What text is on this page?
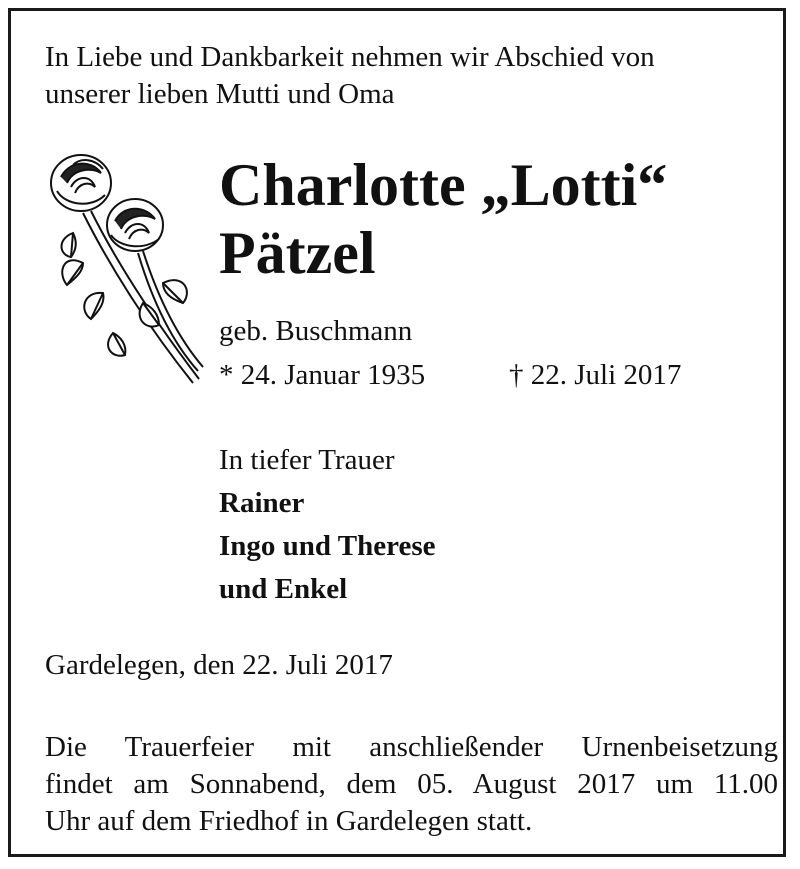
In Liebe und Dankbarkeit nehmen wir Abschied von
unserer lieben Mutti und Oma
Charlotte „Lotti“
Pätzel
geb. Buschmann
* 24. Januar 1935	† 22. Juli 2017
In tiefer Trauer
Rainer
Ingo und Therese
und Enkel
Gardelegen, den 22. Juli 2017
Die Trauerfeier mit anschließender Urnenbeisetzung
findet am Sonnabend, dem 05. August 2017 um 11.00
Uhr auf dem Friedhof in Gardelegen statt.
